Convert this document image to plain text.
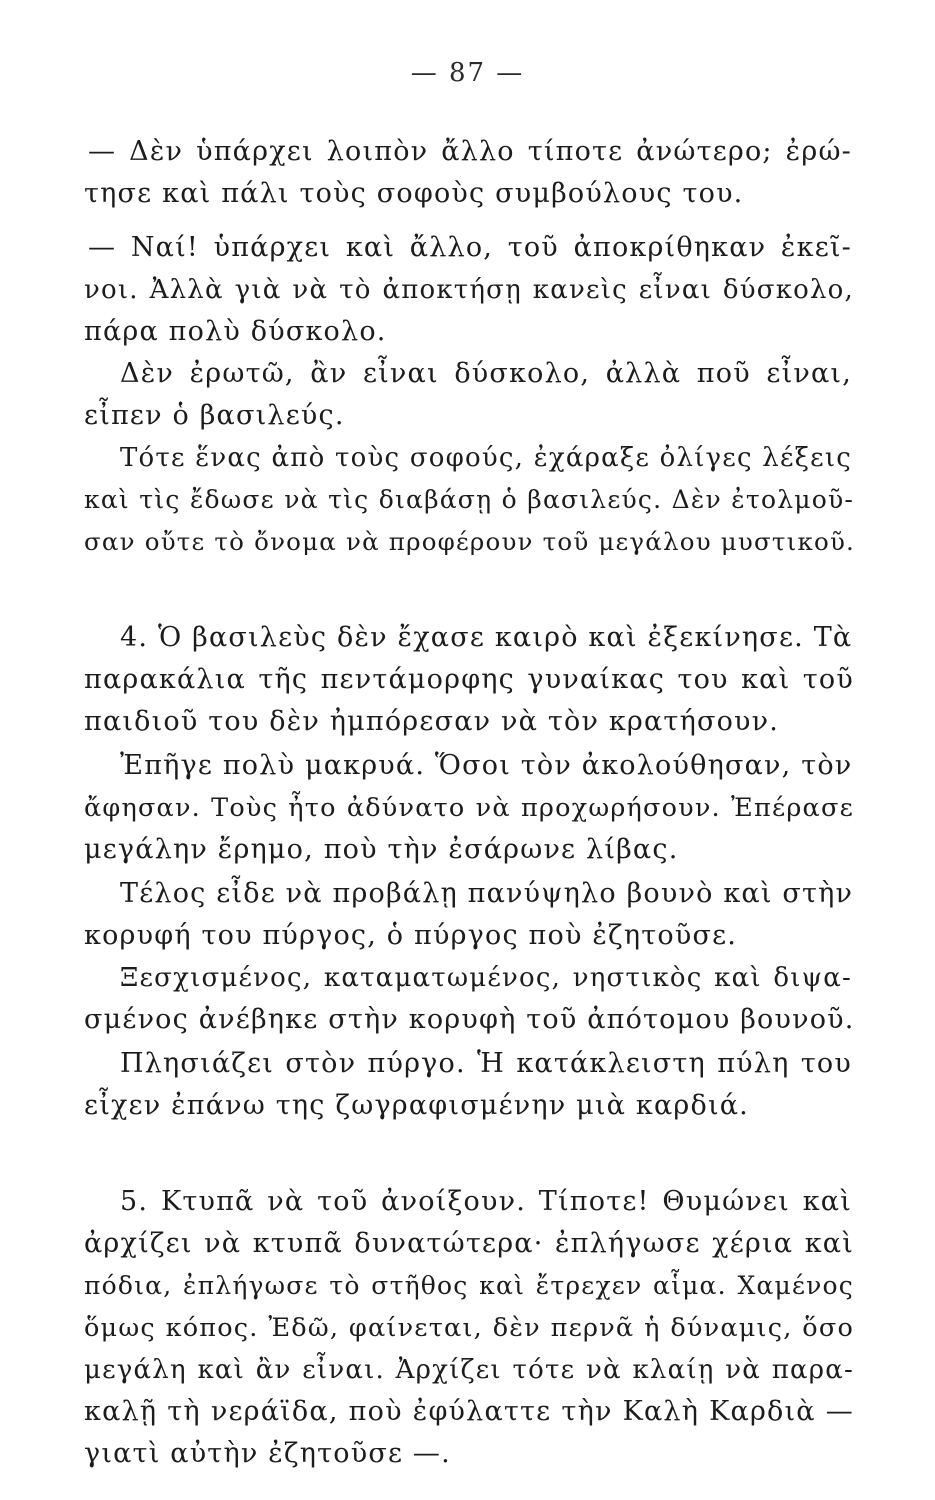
— 87 —
— Δὲν ὑπάρχει λοιπὸν ἄλλο τίποτε ἀνώτερο; ἐρώ-
τησε καὶ πάλι τοὺς σοφοὺς συμβούλους του.
— Ναί! ὑπάρχει καὶ ἄλλο, τοῦ ἀποκρίθηκαν ἐκεῖ-
νοι. Ἀλλὰ γιὰ νὰ τὸ ἀποκτήσῃ κανεὶς εἶναι δύσκολο,
πάρα πολὺ δύσκολο.
Δὲν ἐρωτῶ, ἂν εἶναι δύσκολο, ἀλλὰ ποῦ εἶναι,
εἶπεν ὁ βασιλεύς.
Τότε ἕνας ἀπὸ τοὺς σοφούς, ἐχάραξε ὀλίγες λέξεις
καὶ τὶς ἔδωσε νὰ τὶς διαβάσῃ ὁ βασιλεύς. Δὲν ἐτολμοῦ-
σαν οὔτε τὸ ὄνομα νὰ προφέρουν τοῦ μεγάλου μυστικοῦ.
4. Ὁ βασιλεὺς δὲν ἔχασε καιρὸ καὶ ἐξεκίνησε. Τὰ
παρακάλια τῆς πεντάμορφης γυναίκας του καὶ τοῦ
παιδιοῦ του δὲν ἠμπόρεσαν νὰ τὸν κρατήσουν.
Ἐπῆγε πολὺ μακρυά. Ὅσοι τὸν ἀκολούθησαν, τὸν
ἄφησαν. Τοὺς ἦτο ἀδύνατο νὰ προχωρήσουν. Ἐπέρασε
μεγάλην ἔρημο, ποὺ τὴν ἐσάρωνε λίβας.
Τέλος εἶδε νὰ προβάλῃ πανύψηλο βουνὸ καὶ στὴν
κορυφή του πύργος, ὁ πύργος ποὺ ἐζητοῦσε.
Ξεσχισμένος, καταματωμένος, νηστικὸς καὶ διψα-
σμένος ἀνέβηκε στὴν κορυφὴ τοῦ ἀπότομου βουνοῦ.
Πλησιάζει στὸν πύργο. Ἡ κατάκλειστη πύλη του
εἶχεν ἐπάνω της ζωγραφισμένην μιὰ καρδιά.
5. Κτυπᾶ νὰ τοῦ ἀνοίξουν. Τίποτε! Θυμώνει καὶ
ἀρχίζει νὰ κτυπᾶ δυνατώτερα· ἐπλήγωσε χέρια καὶ
πόδια, ἐπλήγωσε τὸ στῆθος καὶ ἔτρεχεν αἷμα. Χαμένος
ὅμως κόπος. Ἐδῶ, φαίνεται, δὲν περνᾶ ἡ δύναμις, ὅσο
μεγάλη καὶ ἂν εἶναι. Ἀρχίζει τότε νὰ κλαίῃ νὰ παρα-
καλῇ τὴ νεράϊδα, ποὺ ἐφύλαττε τὴν Καλὴ Καρδιὰ —
γιατὶ αὐτὴν ἐζητοῦσε —.
